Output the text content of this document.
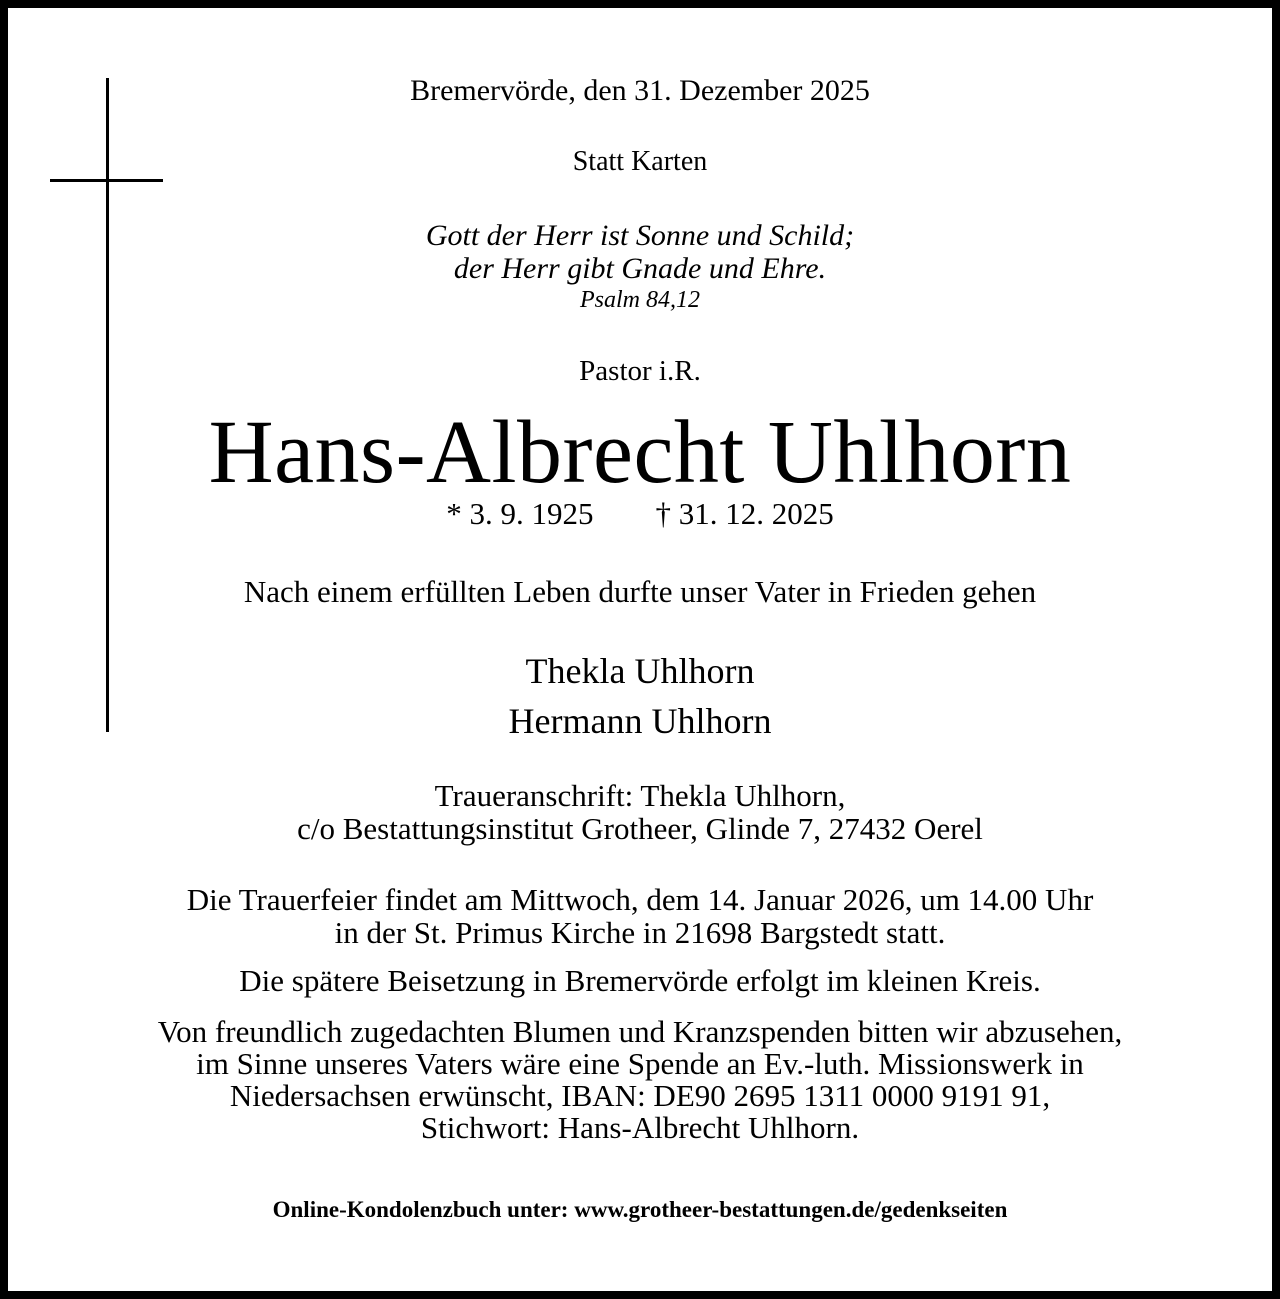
Bremervörde, den 31. Dezember 2025
Statt Karten
Gott der Herr ist Sonne und Schild;
der Herr gibt Gnade und Ehre.
Psalm 84,12
Pastor i.R.
Hans-Albrecht Uhlhorn
* 3. 9. 1925 † 31. 12. 2025
Nach einem erfüllten Leben durfte unser Vater in Frieden gehen
Thekla Uhlhorn
Hermann Uhlhorn
Traueranschrift: Thekla Uhlhorn,
c/o Bestattungsinstitut Grotheer, Glinde 7, 27432 Oerel
Die Trauerfeier findet am Mittwoch, dem 14. Januar 2026, um 14.00 Uhr
in der St. Primus Kirche in 21698 Bargstedt statt.
Die spätere Beisetzung in Bremervörde erfolgt im kleinen Kreis.
Von freundlich zugedachten Blumen und Kranzspenden bitten wir abzusehen,
im Sinne unseres Vaters wäre eine Spende an Ev.-luth. Missionswerk in
Niedersachsen erwünscht, IBAN: DE90 2695 1311 0000 9191 91,
Stichwort: Hans-Albrecht Uhlhorn.
Online-Kondolenzbuch unter: www.grotheer-bestattungen.de/gedenkseiten
